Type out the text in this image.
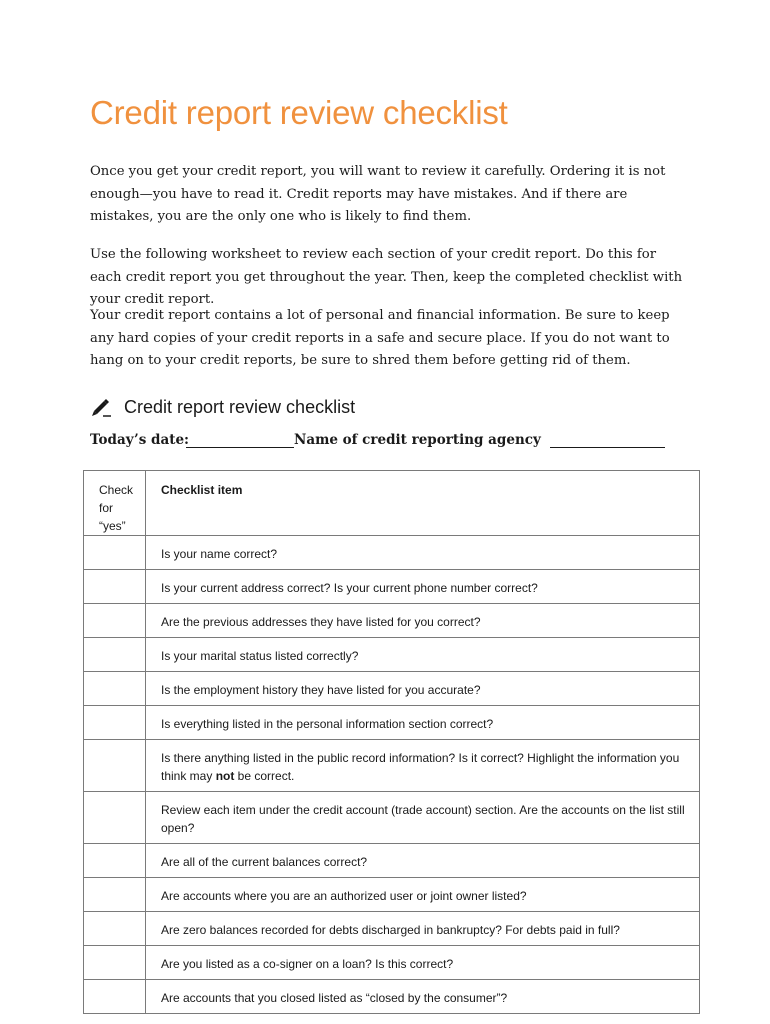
Credit report review checklist

Once you get your credit report, you will want to review it carefully. Ordering it is not enough—you have to read it. Credit reports may have mistakes. And if there are mistakes, you are the only one who is likely to find them.

Use the following worksheet to review each section of your credit report. Do this for each credit report you get throughout the year. Then, keep the completed checklist with your credit report.

Your credit report contains a lot of personal and financial information. Be sure to keep any hard copies of your credit reports in a safe and secure place. If you do not want to hang on to your credit reports, be sure to shred them before getting rid of them.

Credit report review checklist
Today’s date:	Name of credit reporting agency
Check for “yes”	Checklist item
	Is your name correct?
	Is your current address correct? Is your current phone number correct?
	Are the previous addresses they have listed for you correct?
	Is your marital status listed correctly?
	Is the employment history they have listed for you accurate?
	Is everything listed in the personal information section correct?
	Is there anything listed in the public record information? Is it correct? Highlight the information you think may not be correct.
	Review each item under the credit account (trade account) section. Are the accounts on the list still open?
	Are all of the current balances correct?
	Are accounts where you are an authorized user or joint owner listed?
	Are zero balances recorded for debts discharged in bankruptcy? For debts paid in full?
	Are you listed as a co-signer on a loan? Is this correct?
	Are accounts that you closed listed as “closed by the consumer”?
